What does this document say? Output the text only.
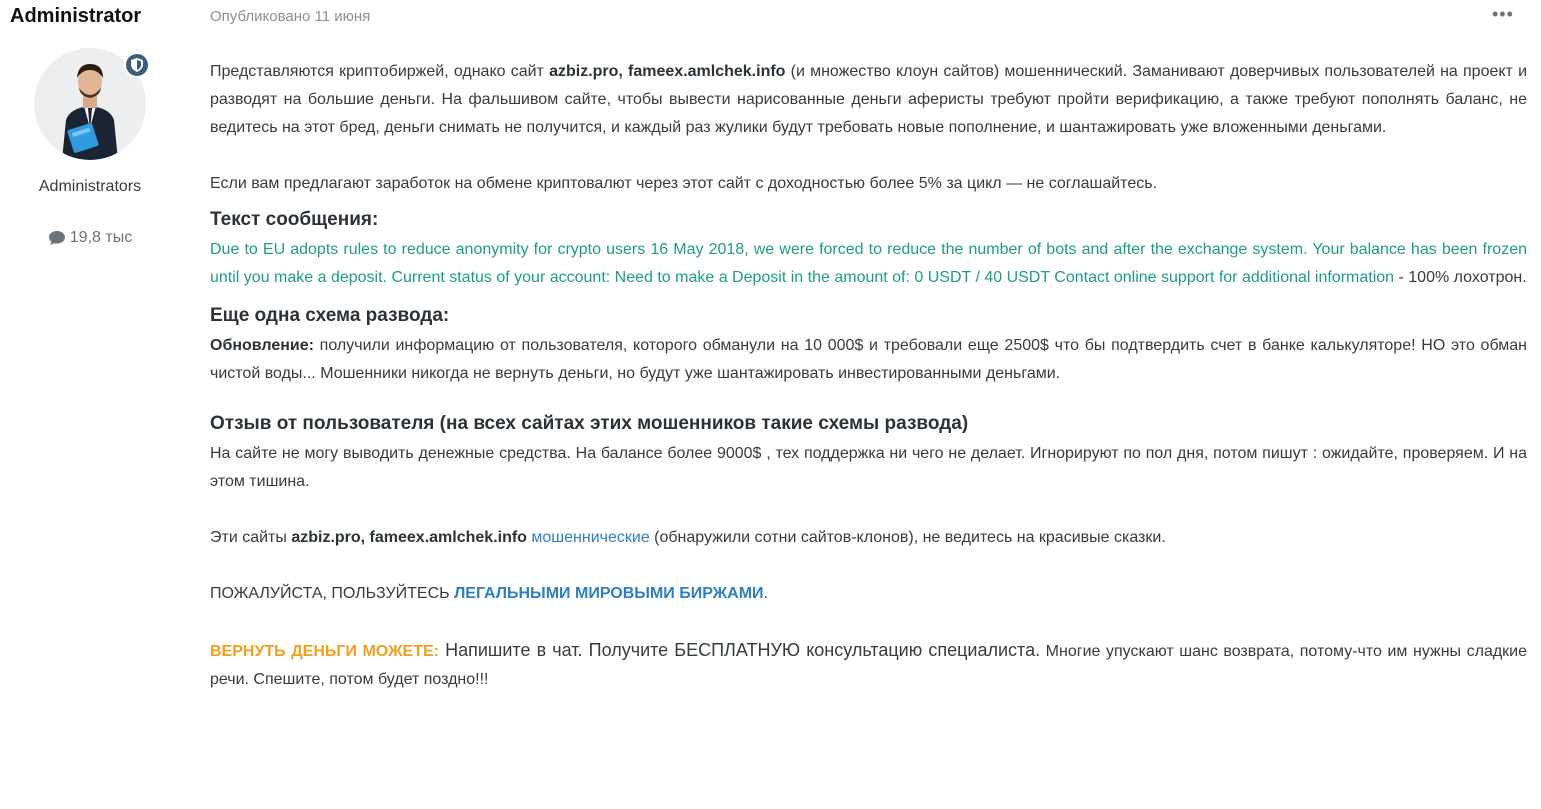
Administrator
Administrators
19,8 тыс
Опубликовано 11 июня	•••

Представляются криптобиржей, однако сайт azbiz.pro, fameex.amlchek.info (и множество клоун сайтов) мошеннический. Заманивают доверчивых пользователей на проект и разводят на большие деньги. На фальшивом сайте, чтобы вывести нарисованные деньги аферисты требуют пройти верификацию, а также требуют пополнять баланс, не ведитесь на этот бред, деньги снимать не получится, и каждый раз жулики будут требовать новые пополнение, и шантажировать уже вложенными деньгами.

Если вам предлагают заработок на обмене криптовалют через этот сайт с доходностью более 5% за цикл — не соглашайтесь.

Текст сообщения:

Due to EU adopts rules to reduce anonymity for crypto users 16 May 2018, we were forced to reduce the number of bots and after the exchange system. Your balance has been frozen until you make a deposit. Current status of your account: Need to make a Deposit in the amount of: 0 USDT / 40 USDT Contact online support for additional information - 100% лохотрон.

Еще одна схема развода:

Обновление: получили информацию от пользователя, которого обманули на 10 000$ и требовали еще 2500$ что бы подтвердить счет в банке калькуляторе! НО это обман чистой воды... Мошенники никогда не вернуть деньги, но будут уже шантажировать инвестированными деньгами.

Отзыв от пользователя (на всех сайтах этих мошенников такие схемы развода)

На сайте не могу выводить денежные средства. На балансе более 9000$ , тех поддержка ни чего не делает. Игнорируют по пол дня, потом пишут : ожидайте, проверяем. И на этом тишина.

Эти сайты azbiz.pro, fameex.amlchek.info мошеннические (обнаружили сотни сайтов-клонов), не ведитесь на красивые сказки.

ПОЖАЛУЙСТА, ПОЛЬЗУЙТЕСЬ ЛЕГАЛЬНЫМИ МИРОВЫМИ БИРЖАМИ.

ВЕРНУТЬ ДЕНЬГИ МОЖЕТЕ: Напишите в чат. Получите БЕСПЛАТНУЮ консультацию специалиста. Многие упускают шанс возврата, потому-что им нужны сладкие речи. Спешите, потом будет поздно!!!
